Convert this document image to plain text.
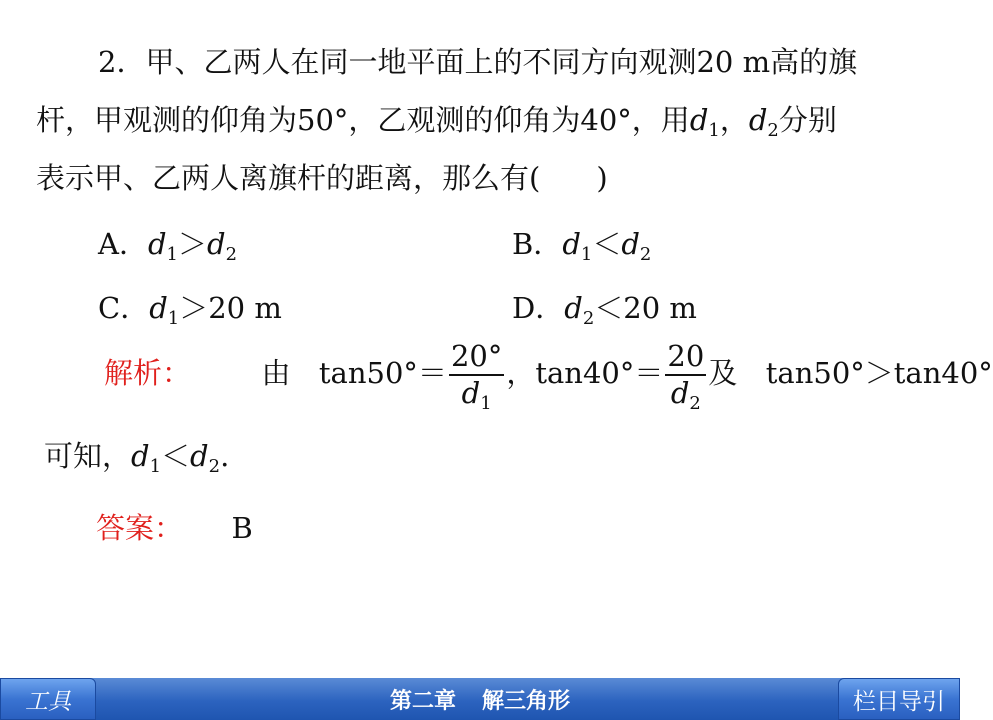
2．甲、乙两人在同一地平面上的不同方向观测20 m高的旗
杆，甲观测的仰角为50°，乙观测的仰角为40°，用$d_1$，$d_2$分别
表示甲、乙两人离旗杆的距离，那么有( )
A．$d_1>d_2$	B．$d_1<d_2$
C．$d_1>20$ m	D．$d_2<20$ m
解析： 由 $\tan 50^\circ= \frac{20^\circ}{d_1}$ ，$\tan 40^\circ= \frac{20}{d_2}$ 及 tan50°＞tan40°
可知，$d_1<d_2$.
答案： B
第二章 解三角形
工具	栏目导引
